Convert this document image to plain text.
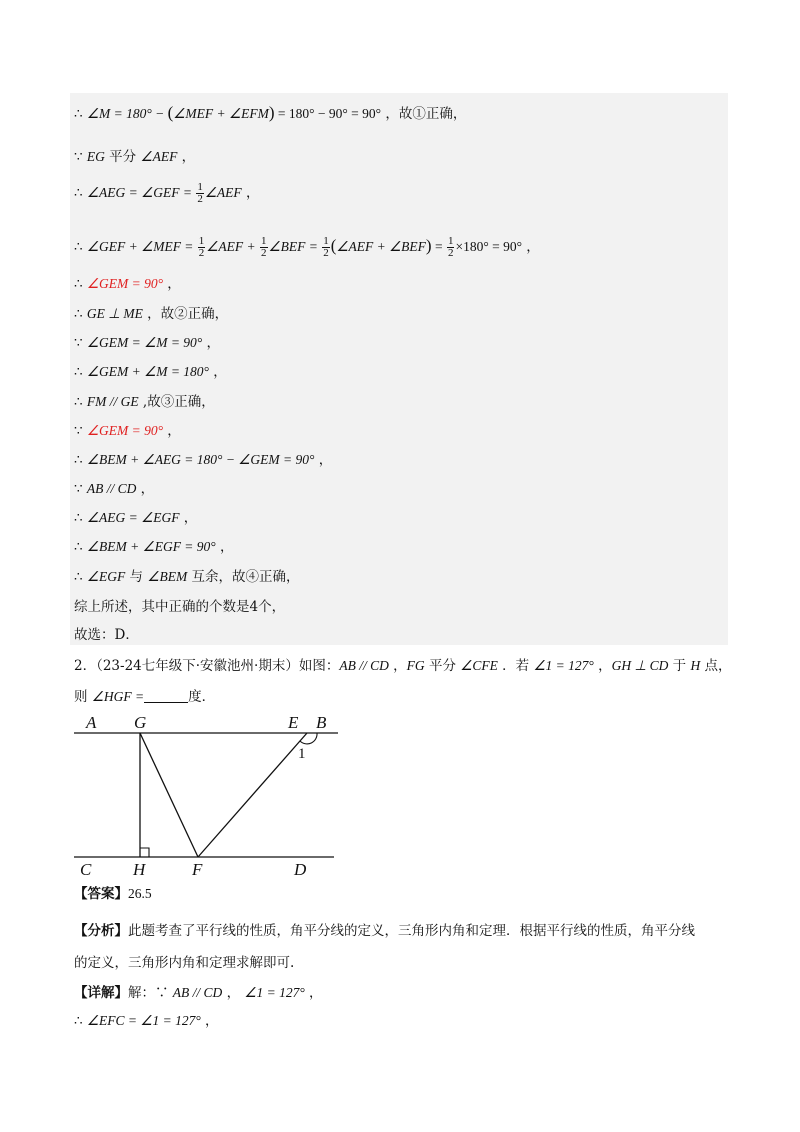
∴ ∠M = 180° − (∠MEF + ∠EFM) = 180° − 90° = 90° ，故①正确，
∵ EG 平分 ∠AEF ，
∴ ∠AEG = ∠GEF = $\frac{1}{2}$ ∠AEF ，
∴ ∠GEF + ∠MEF = $\frac{1}{2}$ ∠AEF + $\frac{1}{2}$ ∠BEF = $\frac{1}{2}$ (∠AEF + ∠BEF) = $\frac{1}{2} \times 180^\circ = 90^\circ$ ，
∴ ∠GEM = 90° ，
∴ GE ⊥ ME ，故②正确，
∵ ∠GEM = ∠M = 90° ，
∴ ∠GEM + ∠M = 180° ，
∴ FM // GE ,故③正确，
∵ ∠GEM = 90° ，
∴ ∠BEM + ∠AEG = 180° − ∠GEM = 90° ，
∵ AB // CD ，
∴ ∠AEG = ∠EGF ，
∴ ∠BEM + ∠EGF = 90° ，
∴ ∠EGF 与 ∠BEM 互余，故④正确，
综上所述，其中正确的个数是4个，
故选：D．
2．（23-24七年级下·安徽池州·期末）如图：AB // CD ，FG 平分 ∠CFE ．若 ∠1 = 127° ，GH ⊥ CD 于 H 点，
则 ∠HGF =	度．
A G	E B
1
C H	F	D
【答案】26.5
【分析】此题考查了平行线的性质，角平分线的定义，三角形内角和定理．根据平行线的性质，角平分线
的定义，三角形内角和定理求解即可.
【详解】解：∵ AB // CD ， ∠1 = 127° ，
∴ ∠EFC = ∠1 = 127° ，
